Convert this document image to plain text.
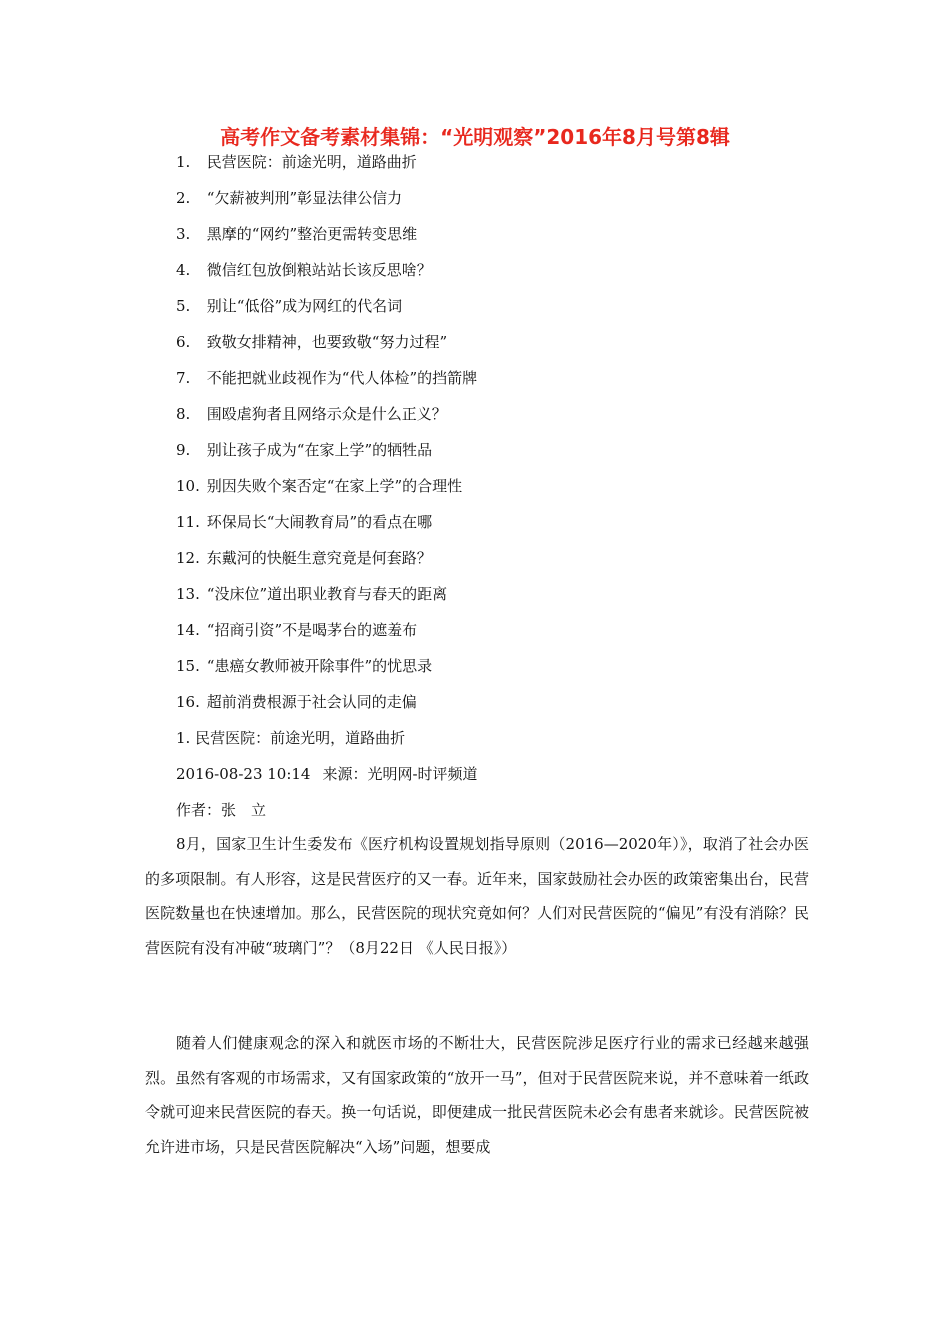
高考作文备考素材集锦：“光明观察”2016年8月号第8辑
1. 民营医院：前途光明，道路曲折
2. “欠薪被判刑”彰显法律公信力
3. 黑摩的“网约”整治更需转变思维
4. 微信红包放倒粮站站长该反思啥？
5. 别让“低俗”成为网红的代名词
6. 致敬女排精神，也要致敬“努力过程”
7. 不能把就业歧视作为“代人体检”的挡箭牌
8. 围殴虐狗者且网络示众是什么正义？
9. 别让孩子成为“在家上学”的牺牲品
10. 别因失败个案否定“在家上学”的合理性
11. 环保局长“大闹教育局”的看点在哪
12. 东戴河的快艇生意究竟是何套路？
13. “没床位”道出职业教育与春天的距离
14. “招商引资”不是喝茅台的遮羞布
15. “患癌女教师被开除事件”的忧思录
16. 超前消费根源于社会认同的走偏
1. 民营医院：前途光明，道路曲折
2016-08-23 10:14 来源：光明网-时评频道
作者：张　立

8月，国家卫生计生委发布《医疗机构设置规划指导原则（2016—2020年）》，取消了社会办医的多项限制。有人形容，这是民营医疗的又一春。近年来，国家鼓励社会办医的政策密集出台，民营医院数量也在快速增加。那么，民营医院的现状究竟如何？人们对民营医院的“偏见”有没有消除？民营医院有没有冲破“玻璃门”？（8月22日 《人民日报》）

随着人们健康观念的深入和就医市场的不断壮大，民营医院涉足医疗行业的需求已经越来越强烈。虽然有客观的市场需求，又有国家政策的“放开一马”，但对于民营医院来说，并不意味着一纸政令就可迎来民营医院的春天。换一句话说，即便建成一批民营医院未必会有患者来就诊。民营医院被允许进市场，只是民营医院解决“入场”问题，想要成
